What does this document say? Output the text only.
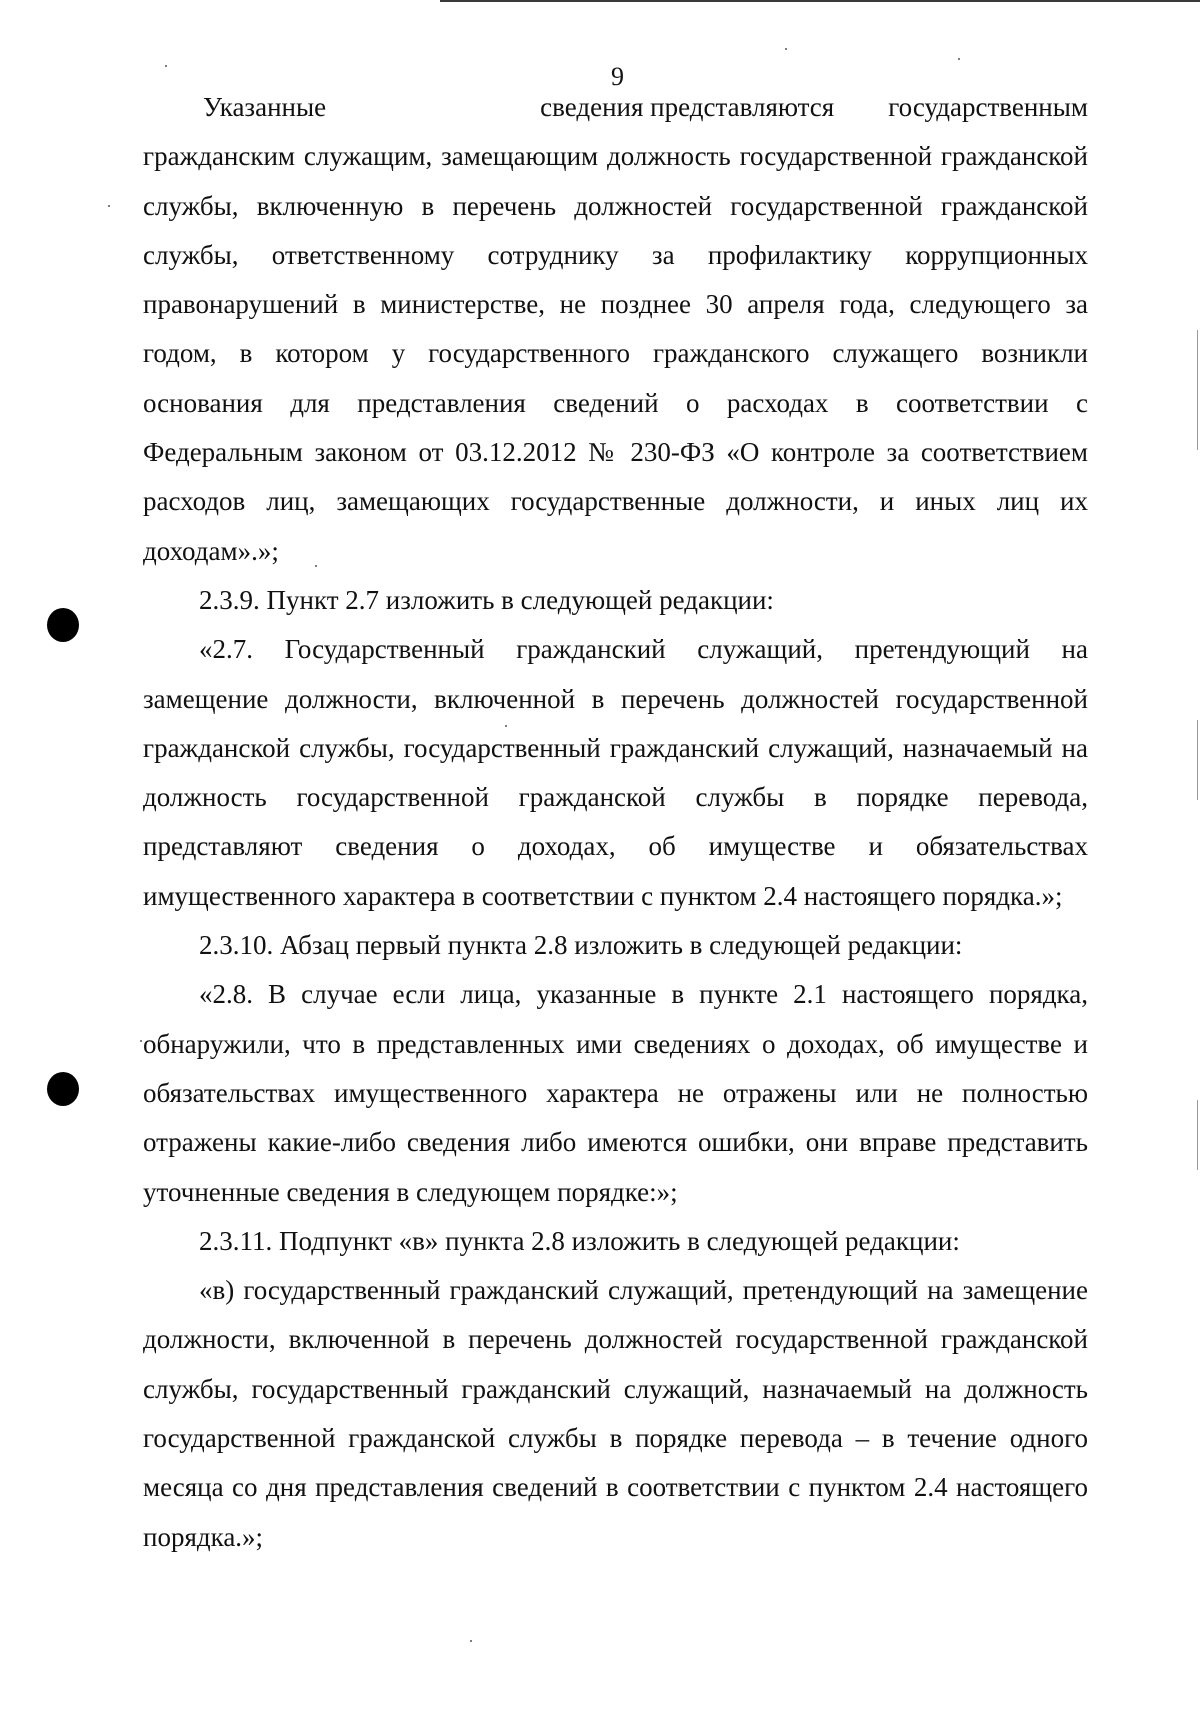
9
Указанные	сведения представляются государственным

гражданским служащим, замещающим должность государственной гражданской службы, включенную в перечень должностей государственной гражданской службы, ответственному сотруднику за профилактику коррупционных правонарушений в министерстве, не позднее 30 апреля года, следующего за годом, в котором у государственного гражданского служащего возникли основания для представления сведений о расходах в соответствии с Федеральным законом от 03.12.2012 № 230-ФЗ «О контроле за соответствием расходов лиц, замещающих государственные должности, и иных лиц их доходам».»;

2.3.9. Пункт 2.7 изложить в следующей редакции:

«2.7. Государственный гражданский служащий, претендующий на замещение должности, включенной в перечень должностей государственной гражданской службы, государственный гражданский служащий, назначаемый на должность государственной гражданской службы в порядке перевода, представляют сведения о доходах, об имуществе и обязательствах имущественного характера в соответствии с пунктом 2.4 настоящего порядка.»;

2.3.10. Абзац первый пункта 2.8 изложить в следующей редакции:

«2.8. В случае если лица, указанные в пункте 2.1 настоящего порядка, обнаружили, что в представленных ими сведениях о доходах, об имуществе и обязательствах имущественного характера не отражены или не полностью отражены какие-либо сведения либо имеются ошибки, они вправе представить уточненные сведения в следующем порядке:»;

2.3.11. Подпункт «в» пункта 2.8 изложить в следующей редакции:

«в) государственный гражданский служащий, претендующий на замещение должности, включенной в перечень должностей государственной гражданской службы, государственный гражданский служащий, назначаемый на должность государственной гражданской службы в порядке перевода – в течение одного месяца со дня представления сведений в соответствии с пунктом 2.4 настоящего порядка.»;
